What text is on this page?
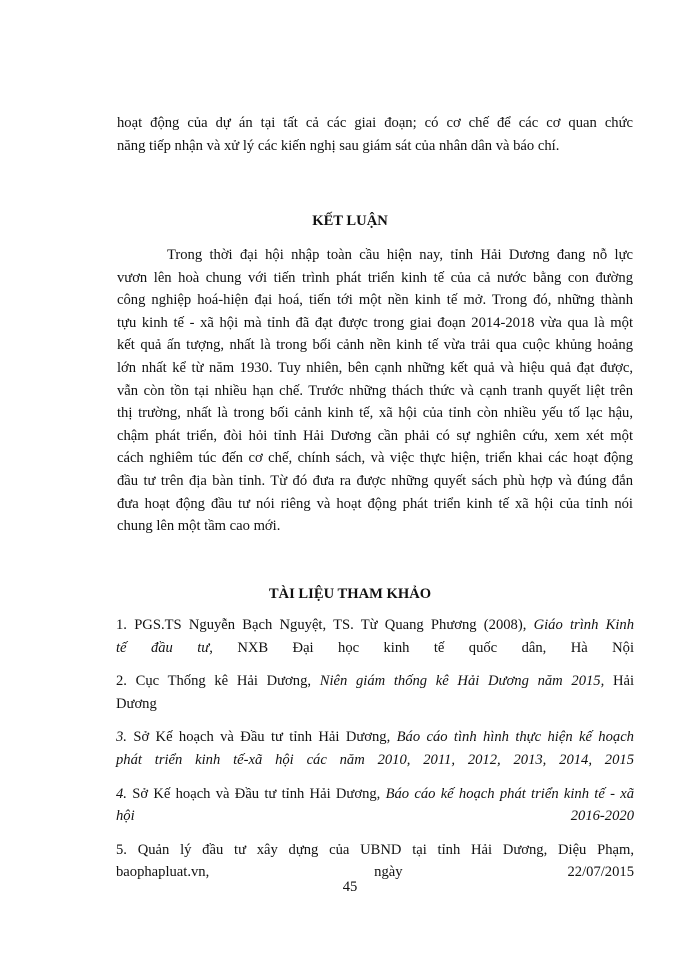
hoạt động của dự án tại tất cả các giai đoạn; có cơ chế để các cơ quan chức
năng tiếp nhận và xử lý các kiến nghị sau giám sát của nhân dân và báo chí.
KẾT LUẬN
Trong thời đại hội nhập toàn cầu hiện nay, tỉnh Hải Dương đang nỗ lực
vươn lên hoà chung với tiến trình phát triển kinh tế của cả nước bằng con đường
công nghiệp hoá-hiện đại hoá, tiến tới một nền kinh tế mở. Trong đó, những thành
tựu kinh tế - xã hội mà tỉnh đã đạt được trong giai đoạn 2014-2018 vừa qua là một
kết quả ấn tượng, nhất là trong bối cảnh nền kinh tế vừa trải qua cuộc khủng hoảng
lớn nhất kể từ năm 1930. Tuy nhiên, bên cạnh những kết quả và hiệu quả đạt được,
vẫn còn tồn tại nhiều hạn chế. Trước những thách thức và cạnh tranh quyết liệt trên
thị trường, nhất là trong bối cảnh kinh tế, xã hội của tỉnh còn nhiều yếu tố lạc hậu,
chậm phát triển, đòi hỏi tỉnh Hải Dương cần phải có sự nghiên cứu, xem xét một
cách nghiêm túc đến cơ chế, chính sách, và việc thực hiện, triển khai các hoạt động
đầu tư trên địa bàn tỉnh. Từ đó đưa ra được những quyết sách phù hợp và đúng đắn
đưa hoạt động đầu tư nói riêng và hoạt động phát triển kinh tế xã hội của tỉnh nói
chung lên một tầm cao mới.
TÀI LIỆU THAM KHẢO
1. PGS.TS Nguyễn Bạch Nguyệt, TS. Từ Quang Phương (2008), Giáo trình Kinh
tế đầu tư, NXB Đại học kinh tế quốc dân, Hà Nội
2. Cục Thống kê Hải Dương, Niên giám thống kê Hải Dương năm 2015, Hải
Dương
3. Sở Kế hoạch và Đầu tư tỉnh Hải Dương, Báo cáo tình hình thực hiện kế hoạch
phát triển kinh tế-xã hội các năm 2010, 2011, 2012, 2013, 2014, 2015
4. Sở Kế hoạch và Đầu tư tỉnh Hải Dương, Báo cáo kế hoạch phát triển kinh tế - xã
hội 2016-2020
5. Quản lý đầu tư xây dựng của UBND tại tỉnh Hải Dương, Diệu Phạm,
baophapluat.vn, ngày 22/07/2015
45
